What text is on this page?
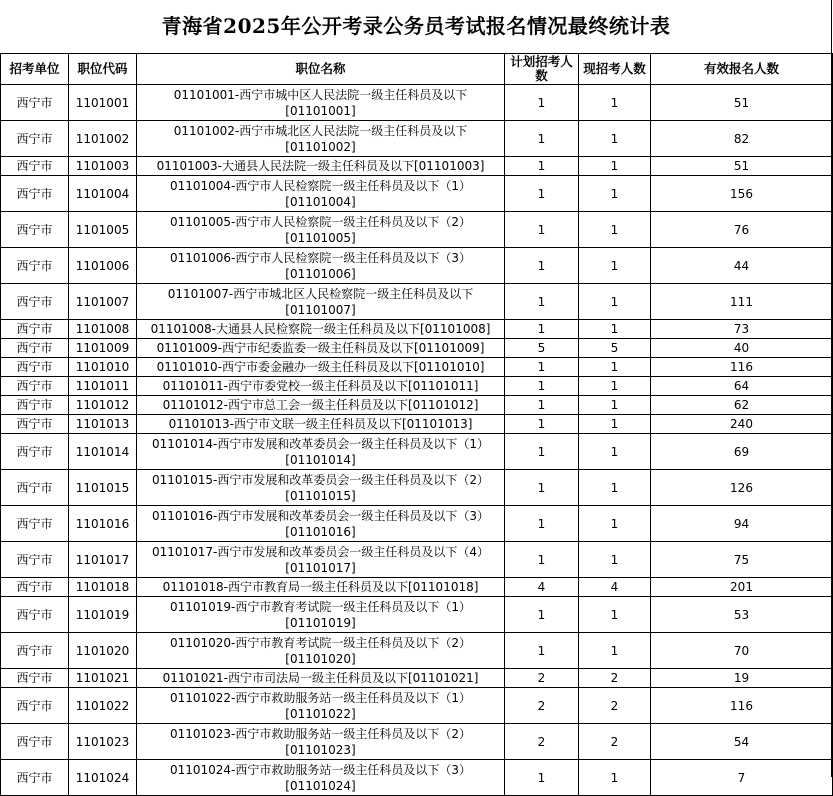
青海省2025年公开考录公务员考试报名情况最终统计表
招考单位	职位代码	职位名称	计划招考人数	现招考人数	有效报名人数
西宁市	1101001	01101001-西宁市城中区人民法院一级主任科员及以下[01101001]	1	1	51
西宁市	1101002	01101002-西宁市城北区人民法院一级主任科员及以下[01101002]	1	1	82
西宁市	1101003	01101003-大通县人民法院一级主任科员及以下[01101003]	1	1	51
西宁市	1101004	01101004-西宁市人民检察院一级主任科员及以下（1）[01101004]	1	1	156
西宁市	1101005	01101005-西宁市人民检察院一级主任科员及以下（2）[01101005]	1	1	76
西宁市	1101006	01101006-西宁市人民检察院一级主任科员及以下（3）[01101006]	1	1	44
西宁市	1101007	01101007-西宁市城北区人民检察院一级主任科员及以下[01101007]	1	1	111
西宁市	1101008	01101008-大通县人民检察院一级主任科员及以下[01101008]	1	1	73
西宁市	1101009	01101009-西宁市纪委监委一级主任科员及以下[01101009]	5	5	40
西宁市	1101010	01101010-西宁市委金融办一级主任科员及以下[01101010]	1	1	116
西宁市	1101011	01101011-西宁市委党校一级主任科员及以下[01101011]	1	1	64
西宁市	1101012	01101012-西宁市总工会一级主任科员及以下[01101012]	1	1	62
西宁市	1101013	01101013-西宁市文联一级主任科员及以下[01101013]	1	1	240
西宁市	1101014	01101014-西宁市发展和改革委员会一级主任科员及以下（1）[01101014]	1	1	69
西宁市	1101015	01101015-西宁市发展和改革委员会一级主任科员及以下（2）[01101015]	1	1	126
西宁市	1101016	01101016-西宁市发展和改革委员会一级主任科员及以下（3）[01101016]	1	1	94
西宁市	1101017	01101017-西宁市发展和改革委员会一级主任科员及以下（4）[01101017]	1	1	75
西宁市	1101018	01101018-西宁市教育局一级主任科员及以下[01101018]	4	4	201
西宁市	1101019	01101019-西宁市教育考试院一级主任科员及以下（1）[01101019]	1	1	53
西宁市	1101020	01101020-西宁市教育考试院一级主任科员及以下（2）[01101020]	1	1	70
西宁市	1101021	01101021-西宁市司法局一级主任科员及以下[01101021]	2	2	19
西宁市	1101022	01101022-西宁市救助服务站一级主任科员及以下（1）[01101022]	2	2	116
西宁市	1101023	01101023-西宁市救助服务站一级主任科员及以下（2）[01101023]	2	2	54
西宁市	1101024	01101024-西宁市救助服务站一级主任科员及以下（3）[01101024]	1	1	7
